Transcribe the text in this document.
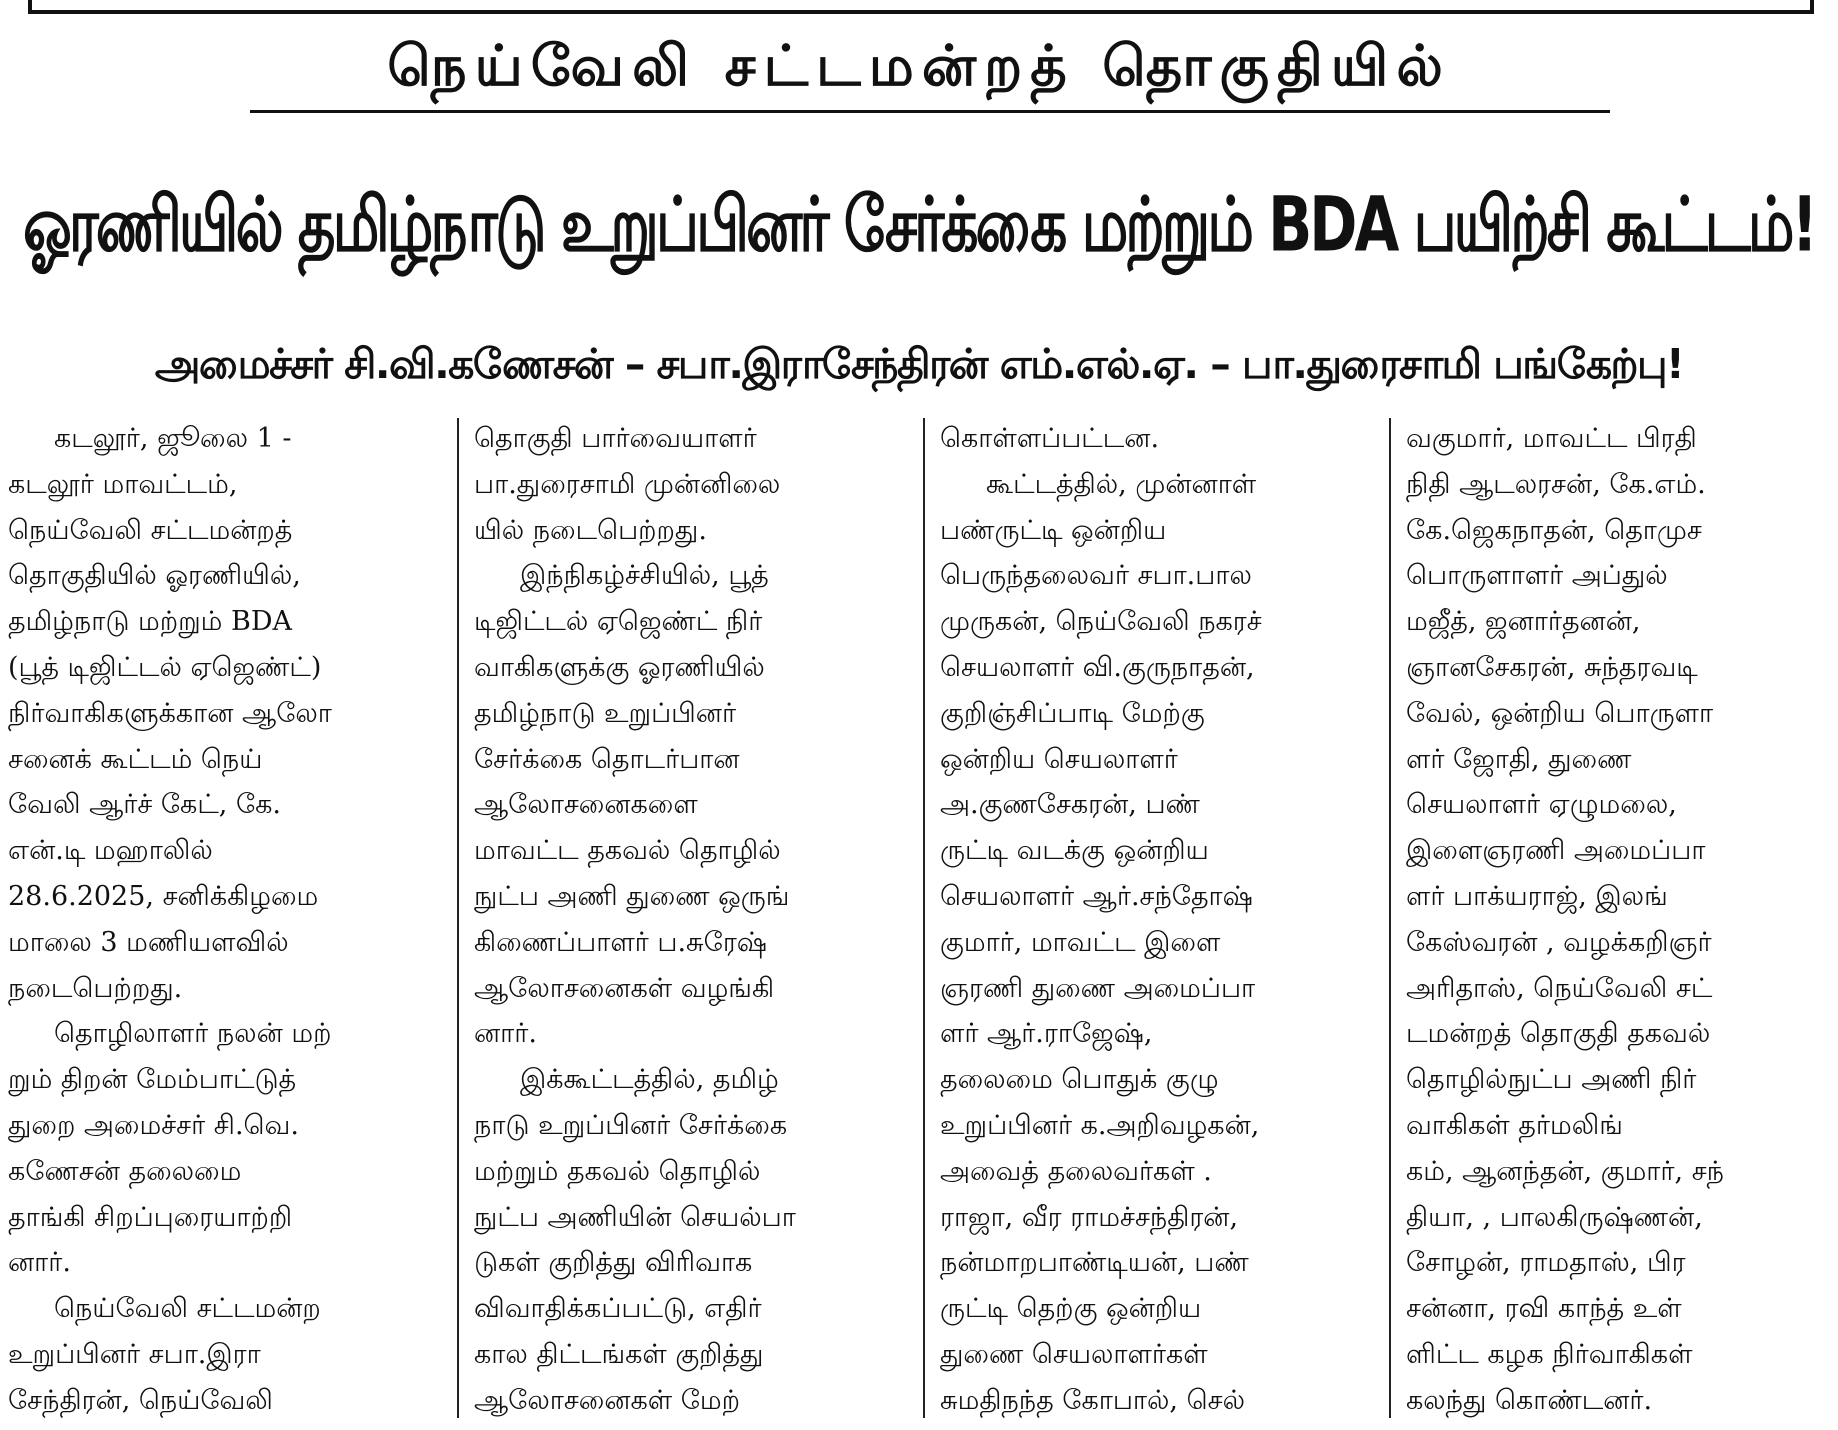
நெய்வேலி சட்டமன்றத் தொகுதியில்
ஓரணியில் தமிழ்நாடு உறுப்பினர் சேர்க்கை மற்றும் BDA பயிற்சி கூட்டம்!
அமைச்சர் சி.வி.கணேசன் – சபா.இராசேந்திரன் எம்.எல்.ஏ. – பா.துரைசாமி பங்கேற்பு!
கடலூர், ஜூலை 1 -
கடலூர் மாவட்டம்,
நெய்வேலி சட்டமன்றத்
தொகுதியில் ஓரணியில்,
தமிழ்நாடு மற்றும் BDA
(பூத் டிஜிட்டல் ஏஜெண்ட்)
நிர்வாகிகளுக்கான ஆலோ
சனைக் கூட்டம் நெய்
வேலி ஆர்ச் கேட், கே.
என்.டி மஹாலில்
28.6.2025, சனிக்கிழமை
மாலை 3 மணியளவில்
நடைபெற்றது.
தொழிலாளர் நலன் மற்
றும் திறன் மேம்பாட்டுத்
துறை அமைச்சர் சி.வெ.
கணேசன் தலைமை
தாங்கி சிறப்புரையாற்றி
னார்.
நெய்வேலி சட்டமன்ற
உறுப்பினர் சபா.இரா
சேந்திரன், நெய்வேலி
தொகுதி பார்வையாளர்
பா.துரைசாமி முன்னிலை
யில் நடைபெற்றது.
இந்நிகழ்ச்சியில், பூத்
டிஜிட்டல் ஏஜெண்ட் நிர்
வாகிகளுக்கு ஓரணியில்
தமிழ்நாடு உறுப்பினர்
சேர்க்கை தொடர்பான
ஆலோசனைகளை
மாவட்ட தகவல் தொழில்
நுட்ப அணி துணை ஒருங்
கிணைப்பாளர் ப.சுரேஷ்
ஆலோசனைகள் வழங்கி
னார்.
இக்கூட்டத்தில், தமிழ்
நாடு உறுப்பினர் சேர்க்கை
மற்றும் தகவல் தொழில்
நுட்ப அணியின் செயல்பா
டுகள் குறித்து விரிவாக
விவாதிக்கப்பட்டு, எதிர்
கால திட்டங்கள் குறித்து
ஆலோசனைகள் மேற்
கொள்ளப்பட்டன.
கூட்டத்தில், முன்னாள்
பண்ருட்டி ஒன்றிய
பெருந்தலைவர் சபா.பால
முருகன், நெய்வேலி நகரச்
செயலாளர் வி.குருநாதன்,
குறிஞ்சிப்பாடி மேற்கு
ஒன்றிய செயலாளர்
அ.குணசேகரன், பண்
ருட்டி வடக்கு ஒன்றிய
செயலாளர் ஆர்.சந்தோஷ்
குமார், மாவட்ட இளை
ஞரணி துணை அமைப்பா
ளர் ஆர்.ராஜேஷ்,
தலைமை பொதுக் குழு
உறுப்பினர் க.அறிவழகன்,
அவைத் தலைவர்கள் .
ராஜா, வீர ராமச்சந்திரன்,
நன்மாறபாண்டியன், பண்
ருட்டி தெற்கு ஒன்றிய
துணை செயலாளர்கள்
சுமதிநந்த கோபால், செல்
வகுமார், மாவட்ட பிரதி
நிதி ஆடலரசன், கே.எம்.
கே.ஜெகநாதன், தொமுச
பொருளாளர் அப்துல்
மஜீத், ஜனார்தனன்,
ஞானசேகரன், சுந்தரவடி
வேல், ஒன்றிய பொருளா
ளர் ஜோதி, துணை
செயலாளர் ஏழுமலை,
இளைஞரணி அமைப்பா
ளர் பாக்யராஜ், இலங்
கேஸ்வரன் , வழக்கறிஞர்
அரிதாஸ், நெய்வேலி சட்
டமன்றத் தொகுதி தகவல்
தொழில்நுட்ப அணி நிர்
வாகிகள் தர்மலிங்
கம், ஆனந்தன், குமார், சந்
தியா, , பாலகிருஷ்ணன்,
சோழன், ராமதாஸ், பிர
சன்னா, ரவி காந்த் உள்
ளிட்ட கழக நிர்வாகிகள்
கலந்து கொண்டனர்.
